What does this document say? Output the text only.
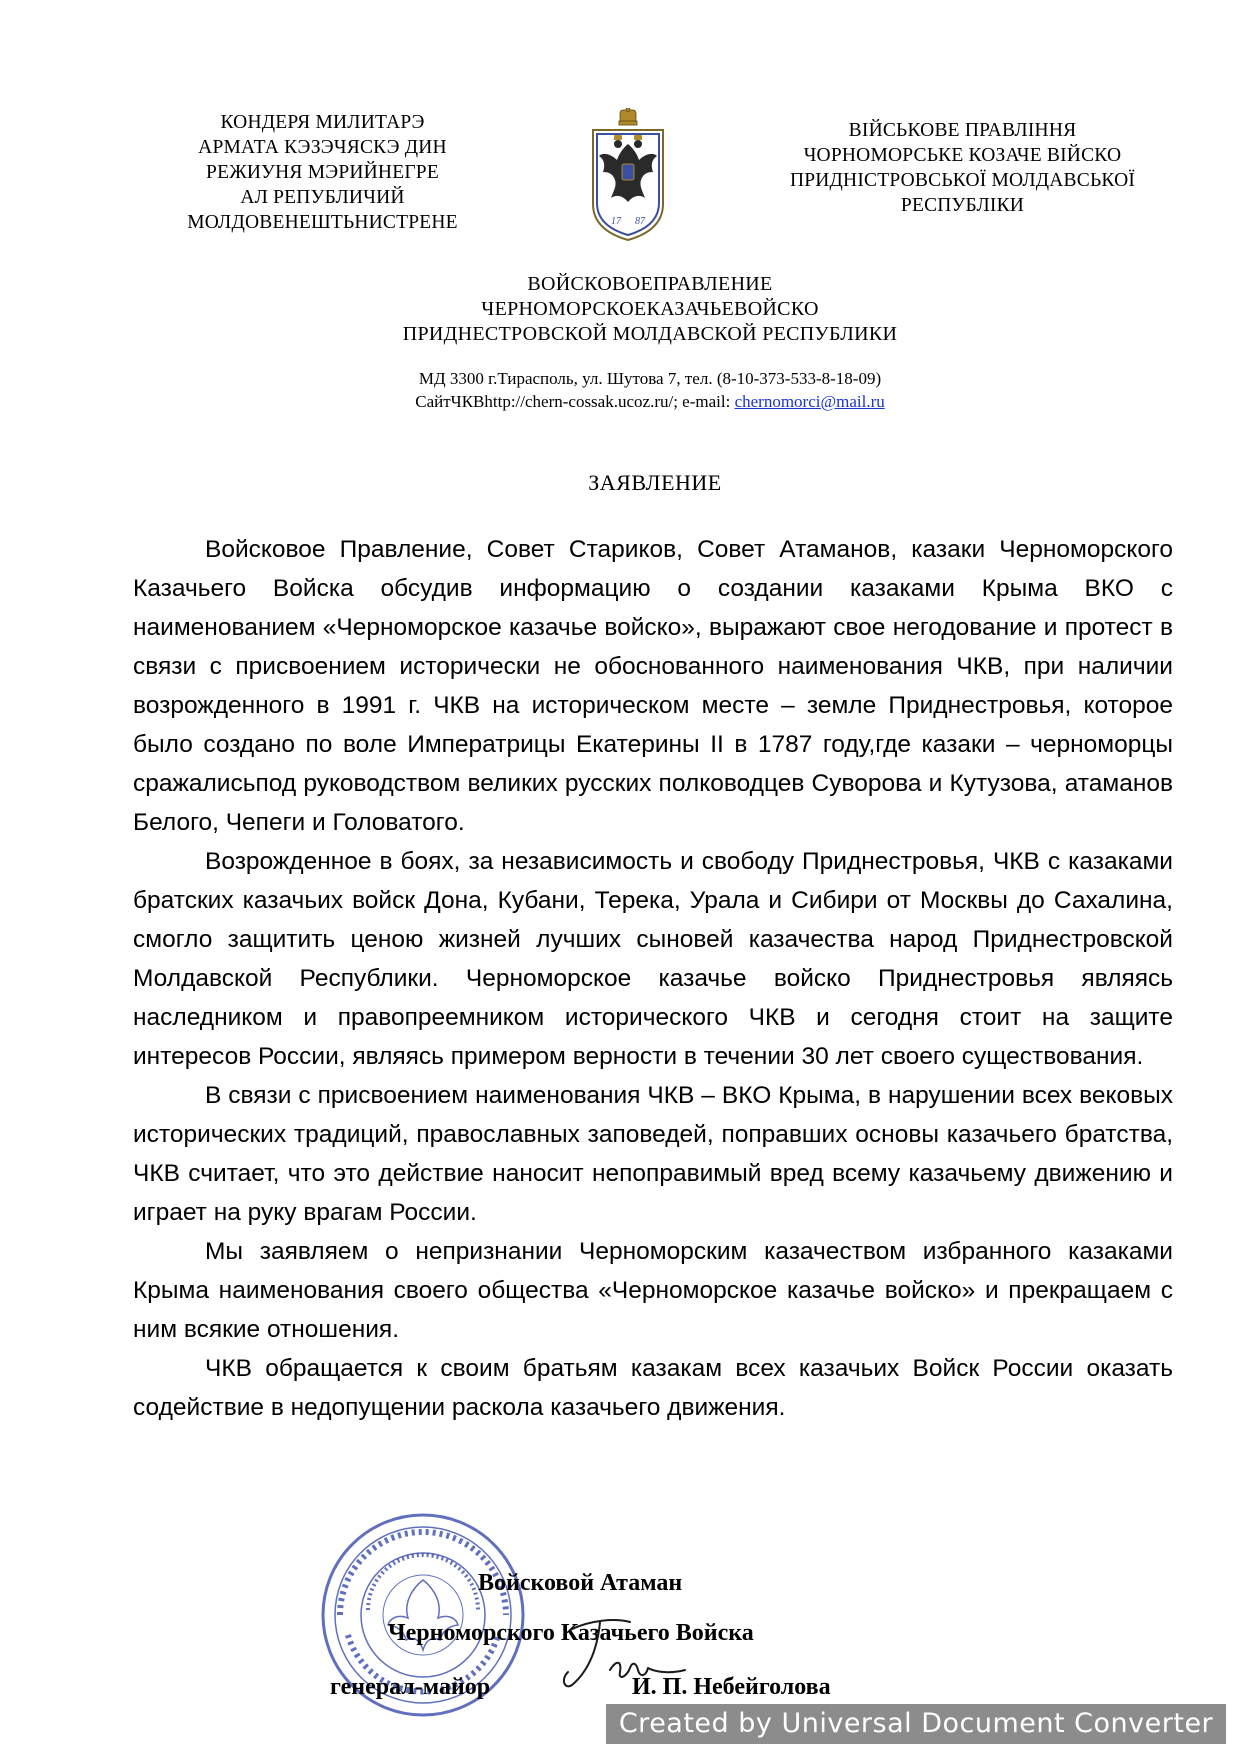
КОНДЕРЯ МИЛИТАРЭ
АРМАТА КЭЗЭЧЯСКЭ ДИН
РЕЖИУНЯ МЭРИЙНЕГРЕ
АЛ РЕПУБЛИЧИЙ
МОЛДОВЕНЕШТЬНИСТРЕНЕ	17 87
ВІЙСЬКОВЕ ПРАВЛІННЯ
ЧОРНОМОРСЬКЕ КОЗАЧЕ ВІЙСКО
ПРИДНІСТРОВСЬКОЇ МОЛДАВСЬКОЇ
РЕСПУБЛІКИ
ВОЙСКОВОЕПРАВЛЕНИЕ
ЧЕРНОМОРСКОЕКАЗАЧЬЕВОЙСКО
ПРИДНЕСТРОВСКОЙ МОЛДАВСКОЙ РЕСПУБЛИКИ
МД 3300 г.Тирасполь, ул. Шутова 7, тел. (8-10-373-533-8-18-09)
СайтЧКВhttp://chern-cossak.ucoz.ru/; e-mail: chernomorci@mail.ru
ЗАЯВЛЕНИЕ

Войсковое Правление, Совет Стариков, Совет Атаманов, казаки Черноморского Казачьего Войска обсудив информацию о создании казаками Крыма ВКО с наименованием «Черноморское казачье войско», выражают свое негодование и протест в связи с присвоением исторически не обоснованного наименования ЧКВ, при наличии возрожденного в 1991 г. ЧКВ на историческом месте – земле Приднестровья, которое было создано по воле Императрицы Екатерины II в 1787 году,где казаки – черноморцы сражалисьпод руководством великих русских полководцев Суворова и Кутузова, атаманов Белого, Чепеги и Головатого.

Возрожденное в боях, за независимость и свободу Приднестровья, ЧКВ с казаками братских казачьих войск Дона, Кубани, Терека, Урала и Сибири от Москвы до Сахалина, смогло защитить ценою жизней лучших сыновей казачества народ Приднестровской Молдавской Республики. Черноморское казачье войско Приднестровья являясь наследником и правопреемником исторического ЧКВ и сегодня стоит на защите интересов России, являясь примером верности в течении 30 лет своего существования.

В связи с присвоением наименования ЧКВ – ВКО Крыма, в нарушении всех вековых исторических традиций, православных заповедей, поправших основы казачьего братства, ЧКВ считает, что это действие наносит непоправимый вред всему казачьему движению и играет на руку врагам России.

Мы заявляем о непризнании Черноморским казачеством избранного казаками Крыма наименования своего общества «Черноморское казачье войско» и прекращаем с ним всякие отношения.

ЧКВ обращается к своим братьям казакам всех казачьих Войск России оказать содействие в недопущении раскола казачьего движения.

Войсковой Атаман
Черноморского Казачьего Войска
генерал-майор	И. П. Небейголова
Created by Universal Document Converter
